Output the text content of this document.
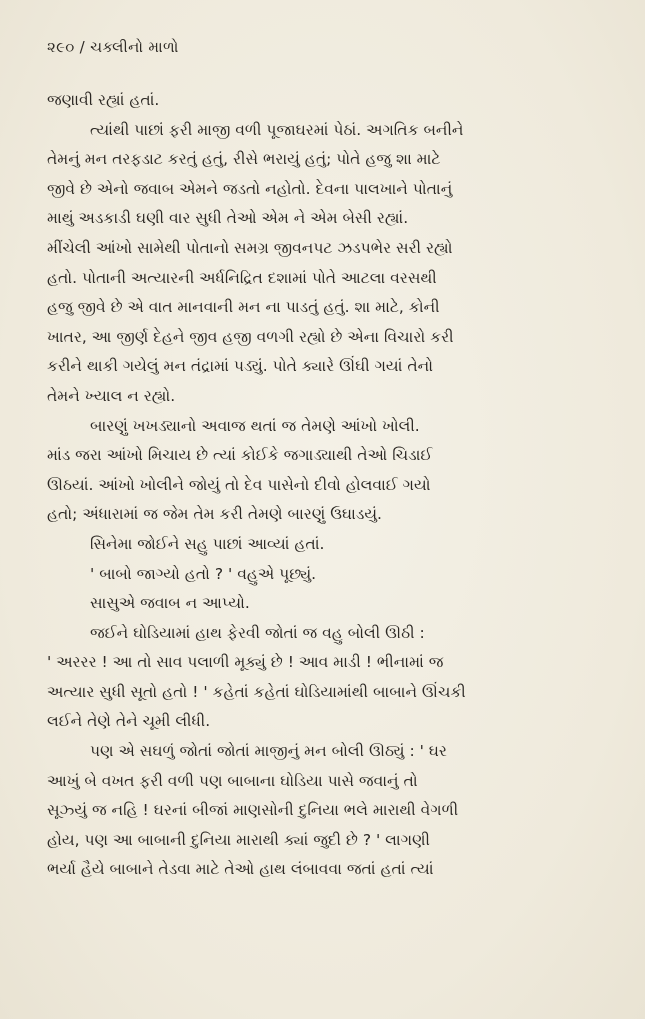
૨૯૦ / ચક્લીનો માળો
જણાવી રહ્યાં હતાં.
ત્યાંથી પાછાં ફરી માજી વળી પૂજાઘરમાં પેઠાં. અગતિક બનીને
તેમનું મન તરફડાટ કરતું હતું, રીસે ભરાયું હતું; પોતે હજુ શા માટે
જીવે છે એનો જવાબ એમને જડતો નહોતો. દેવના પાલખાને પોતાનું
માથું અડકાડી ઘણી વાર સુધી તેઓ એમ ને એમ બેસી રહ્યાં.
મીંચેલી આંખો સામેથી પોતાનો સમગ્ર જીવનપટ ઝડપભેર સરી રહ્યો
હતો. પોતાની અત્યારની અર્ધનિદ્રિત દશામાં પોતે આટલા વરસથી
હજુ જીવે છે એ વાત માનવાની મન ના પાડતું હતું. શા માટે, કોની
ખાતર, આ જીર્ણ દેહને જીવ હજી વળગી રહ્યો છે એના વિચારો કરી
કરીને થાકી ગયેલું મન તંદ્રામાં પડ્યું. પોતે ક્યારે ઊંઘી ગયાં તેનો
તેમને ખ્યાલ ન રહ્યો.
બારણું ખખડ્યાનો અવાજ થતાં જ તેમણે આંખો ખોલી.
માંડ જરા આંખો મિચાય છે ત્યાં કોઈકે જગાડ્યાથી તેઓ ચિડાઈ
ઊઠયાં. આંખો ખોલીને જોયું તો દેવ પાસેનો દીવો હોલવાઈ ગયો
હતો; અંધારામાં જ જેમ તેમ કરી તેમણે બારણું ઉઘાડયું.
સિનેમા જોઈને સહુ પાછાં આવ્યાં હતાં.
' બાબો જાગ્યો હતો ? ' વહુએ પૂછ્યું.
સાસુએ જવાબ ન આપ્યો.
જઈને ઘોડિયામાં હાથ ફેરવી જોતાં જ વહુ બોલી ઊઠી :
' અરરર ! આ તો સાવ પલાળી મૂક્યું છે ! આવ માડી ! ભીનામાં જ
અત્યાર સુધી સૂતો હતો ! ' કહેતાં કહેતાં ઘોડિયામાંથી બાબાને ઊંચકી
લઈને તેણે તેને ચૂમી લીધી.
પણ એ સઘળું જોતાં જોતાં માજીનું મન બોલી ઊઠ્યું : ' ઘર
આખું બે વખત ફરી વળી પણ બાબાના ઘોડિયા પાસે જવાનું તો
સૂઝ્યું જ નહિ ! ઘરનાં બીજાં માણસોની દુનિયા ભલે મારાથી વેગળી
હોય, પણ આ બાબાની દુનિયા મારાથી ક્યાં જુદી છે ? ' લાગણી
ભર્યા હૈયે બાબાને તેડવા માટે તેઓ હાથ લંબાવવા જતાં હતાં ત્યાં
